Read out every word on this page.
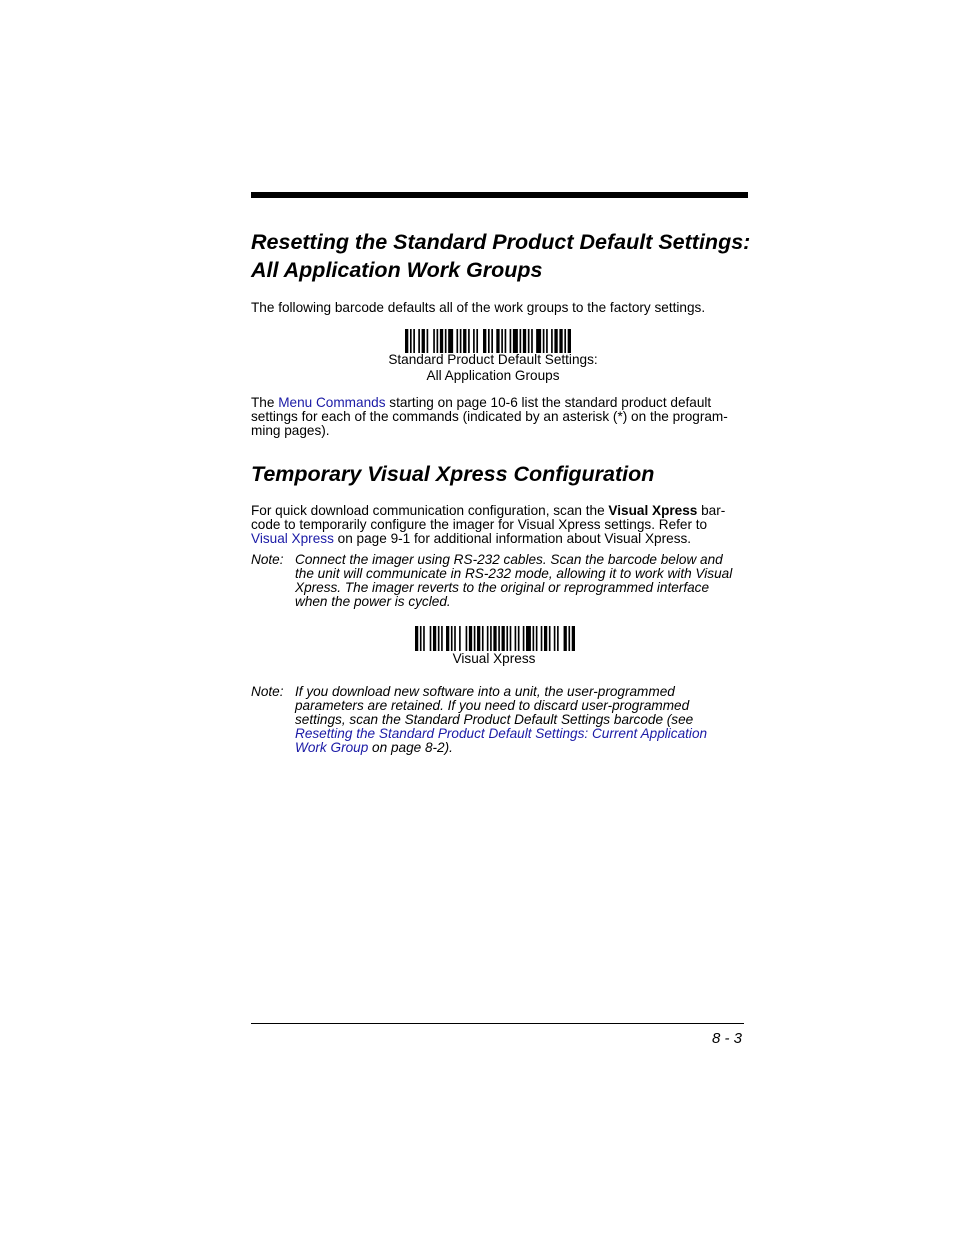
Resetting the Standard Product Default Settings:
All Application Work Groups
The following barcode defaults all of the work groups to the factory settings.
Standard Product Default Settings:
All Application Groups
The Menu Commands starting on page 10-6 list the standard product default
settings for each of the commands (indicated by an asterisk (*) on the program-
ming pages).
Temporary Visual Xpress Configuration
For quick download communication configuration, scan the Visual Xpress bar-
code to temporarily configure the imager for Visual Xpress settings. Refer to
Visual Xpress on page 9-1 for additional information about Visual Xpress.
Note: Connect the imager using RS-232 cables. Scan the barcode below and
the unit will communicate in RS-232 mode, allowing it to work with Visual
Xpress. The imager reverts to the original or reprogrammed interface
when the power is cycled.
Visual Xpress
Note: If you download new software into a unit, the user-programmed
parameters are retained. If you need to discard user-programmed
settings, scan the Standard Product Default Settings barcode (see
Resetting the Standard Product Default Settings: Current Application
Work Group on page 8-2).
8 - 3
